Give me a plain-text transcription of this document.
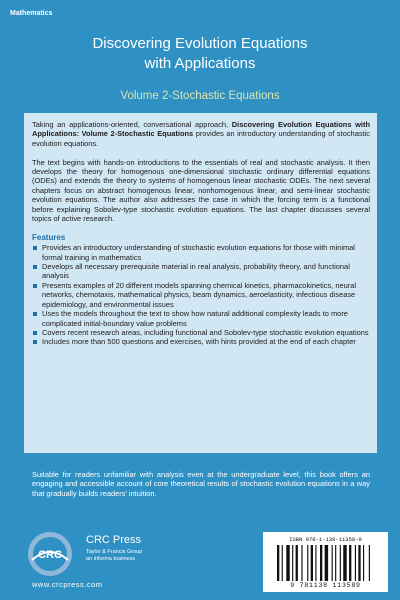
Mathematics
Discovering Evolution Equations
with Applications
Volume 2-Stochastic Equations

Taking an applications-oriented, conversational approach, Discovering Evolution Equations with Applications: Volume 2-Stochastic Equations provides an introductory understanding of stochastic evolution equations.

The text begins with hands-on introductions to the essentials of real and stochastic analysis. It then develops the theory for homogenous one-dimensional stochastic ordinary differential equations (ODEs) and extends the theory to systems of homogenous linear stochastic ODEs. The next several chapters focus on abstract homogenous linear, nonhomogenous linear, and semi-linear stochastic evolution equations. The author also addresses the case in which the forcing term is a functional before explaining Sobolev-type stochastic evolution equations. The last chapter discusses several topics of active research.

Features
Provides an introductory understanding of stochastic evolution equations for those with minimal formal training in mathematics
Develops all necessary prerequisite material in real analysis, probability theory, and functional analysis
Presents examples of 20 different models spanning chemical kinetics, pharmacokinetics, neural networks, chemotaxis, mathematical physics, beam dynamics, aeroelasticity, infectious disease epidemiology, and environmental issues
Uses the models throughout the text to show how natural additional complexity leads to more complicated initial-boundary value problems
Covers recent research areas, including functional and Sobolev-type stochastic evolution equations
Includes more than 500 questions and exercises, with hints provided at the end of each chapter

Suitable for readers unfamiliar with analysis even at the undergraduate level, this book offers an engaging and accessible account of core theoretical results of stochastic evolution equations in a way that gradually builds readers’ intuition.

CRC
CRC Press
Taylor & Francis Group
an informa business
www.crcpress.com
ISBN 978-1-138-11358-9
9 781138 113589
